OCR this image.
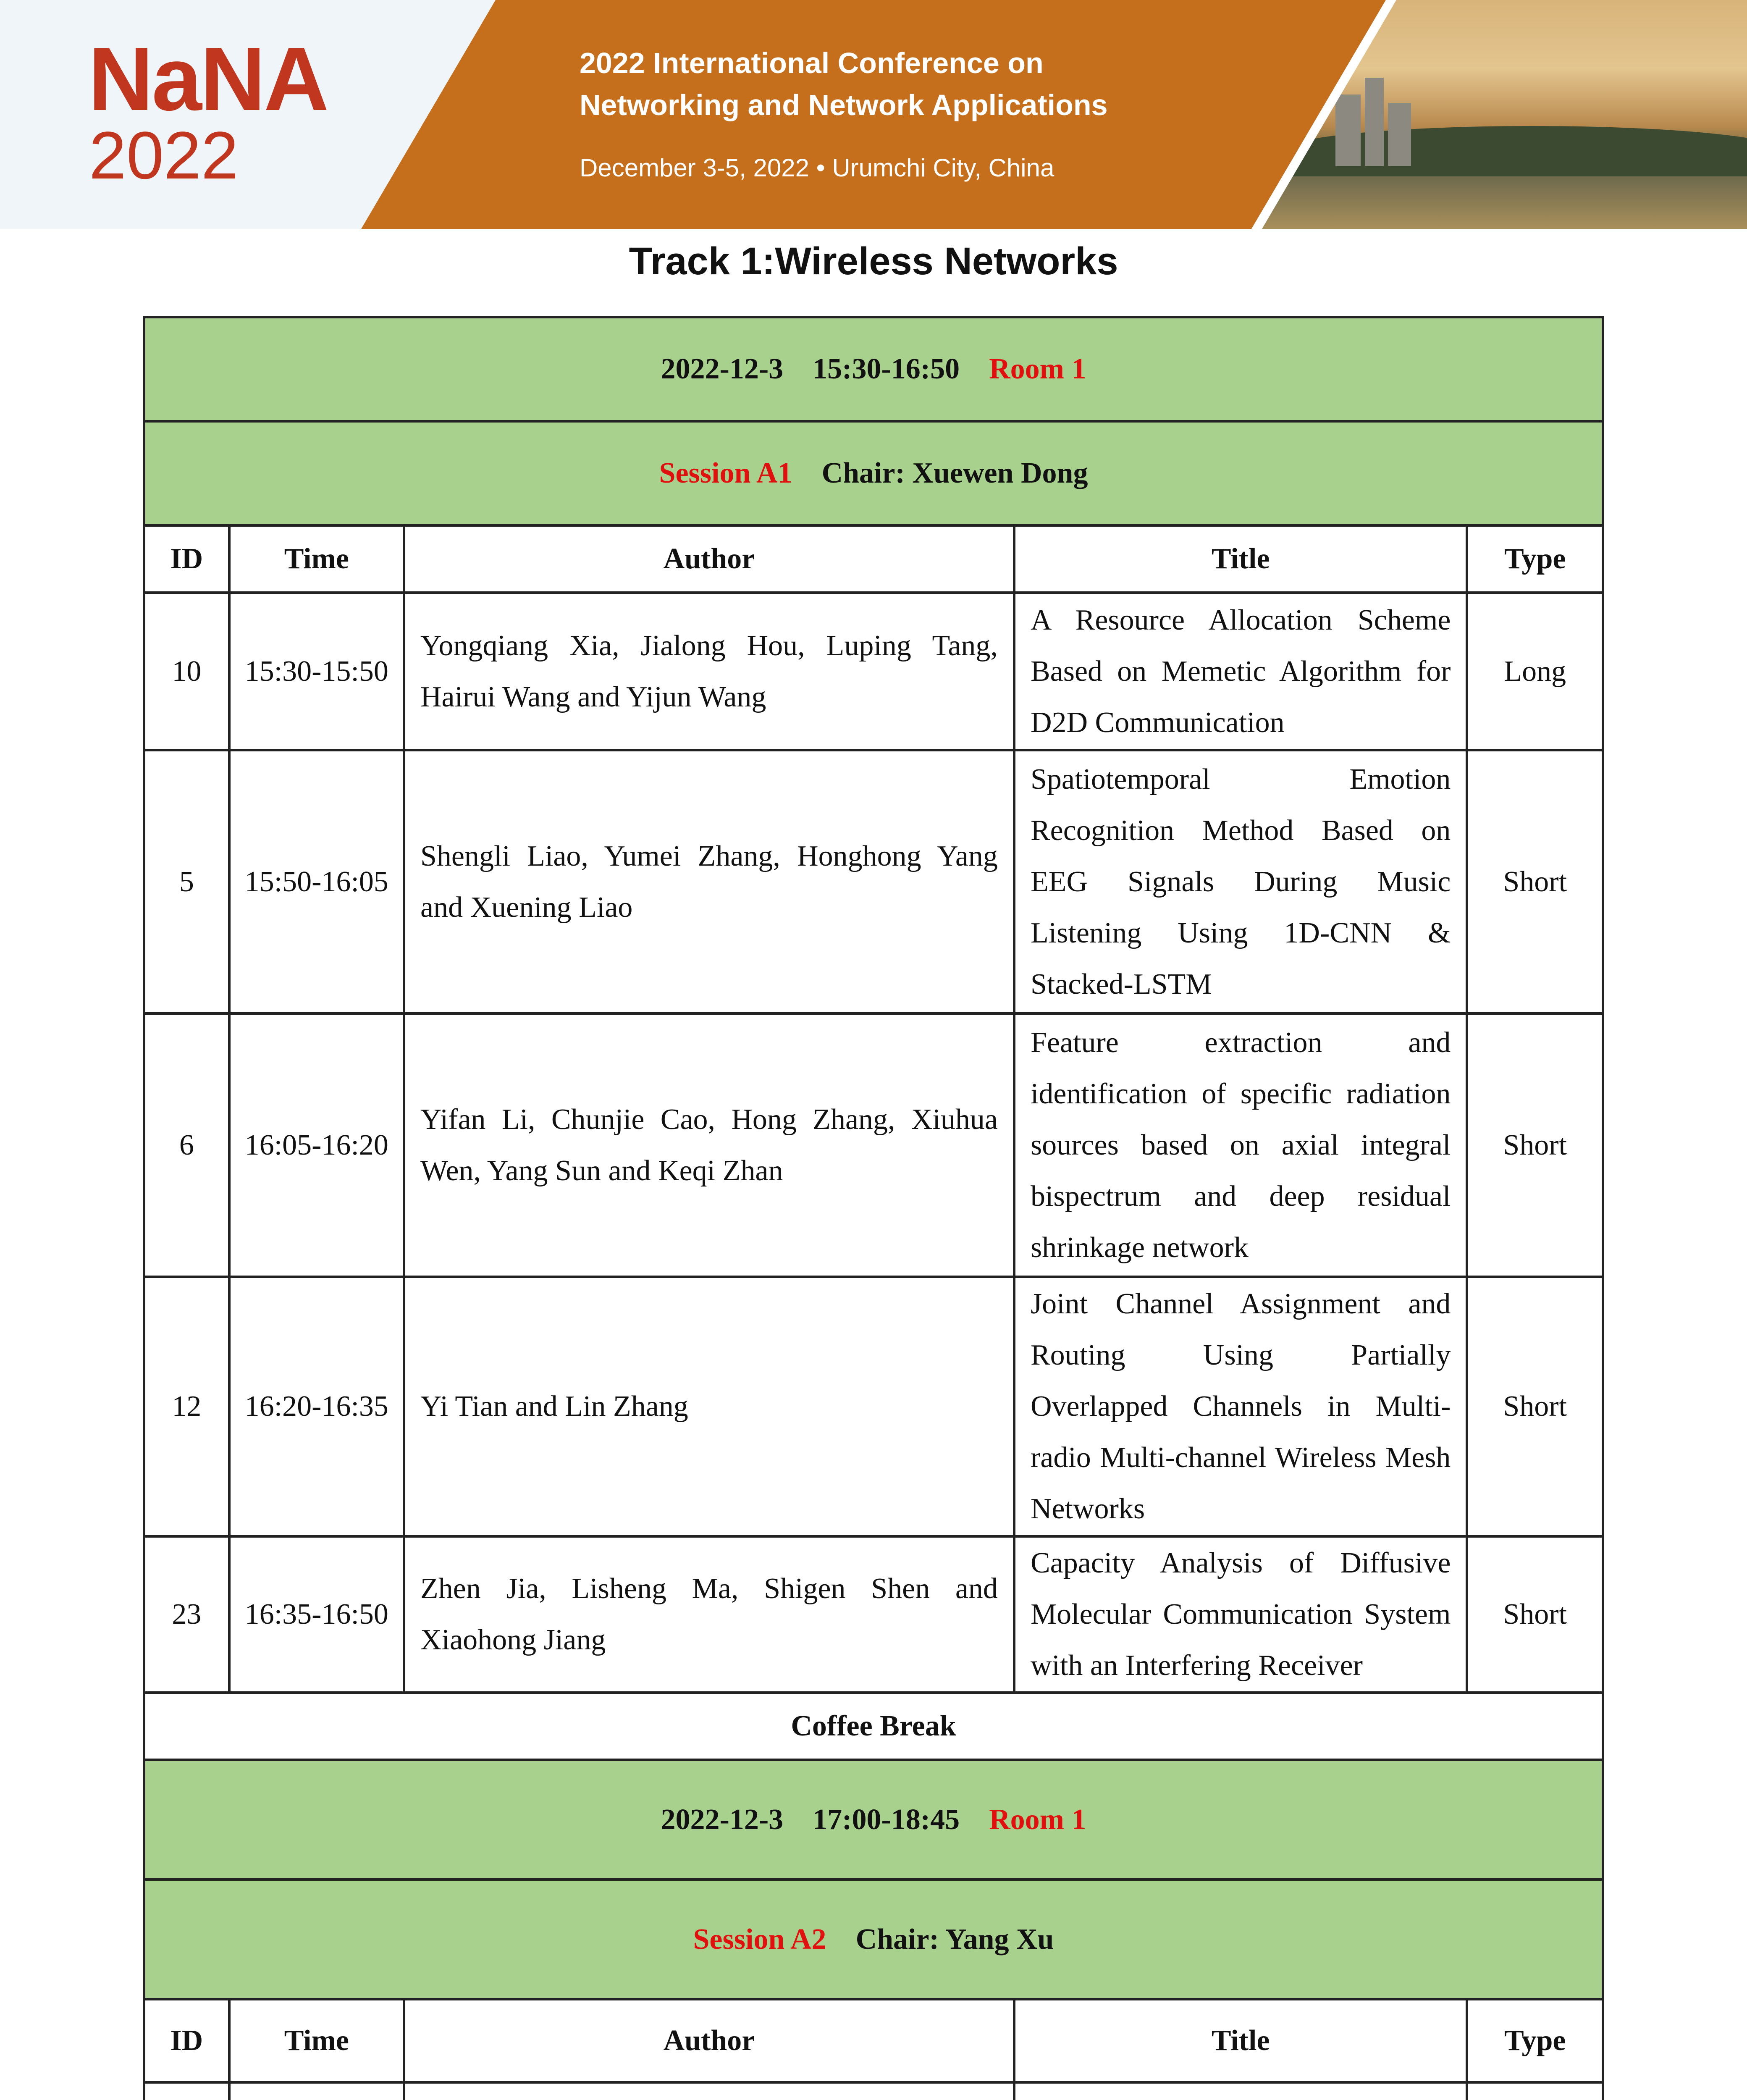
NaNA
2022
2022 International Conference on
Networking and Network Applications
December 3-5, 2022 • Urumchi City, China
Track 1:Wireless Networks
2022-12-3    15:30-16:50 Room 1				
Session A1 Chair: Xuewen Dong				
ID	Time	Author	Title	Type
10	15:30-15:50	Yongqiang Xia, Jialong Hou, Luping Tang, Hairui Wang and Yijun Wang	A Resource Allocation Scheme Based on Memetic Algorithm for D2D Communication	Long
5	15:50-16:05	Shengli Liao, Yumei Zhang, Honghong Yang and Xuening Liao	Spatiotemporal Emotion Recognition Method Based on EEG Signals During Music Listening Using 1D-CNN & Stacked-LSTM	Short
6	16:05-16:20	Yifan Li, Chunjie Cao, Hong Zhang, Xiuhua Wen, Yang Sun and Keqi Zhan	Feature extraction and identification of specific radiation sources based on axial integral bispectrum and deep residual shrinkage network	Short
12	16:20-16:35	Yi Tian and Lin Zhang	Joint Channel Assignment and Routing Using Partially Overlapped Channels in Multi-radio Multi-channel Wireless Mesh Networks	Short
23	16:35-16:50	Zhen Jia, Lisheng Ma, Shigen Shen and Xiaohong Jiang	Capacity Analysis of Diffusive Molecular Communication System with an Interfering Receiver	Short
Coffee Break				
2022-12-3    17:00-18:45 Room 1				
Session A2 Chair: Yang Xu				
ID	Time	Author	Title	Type
